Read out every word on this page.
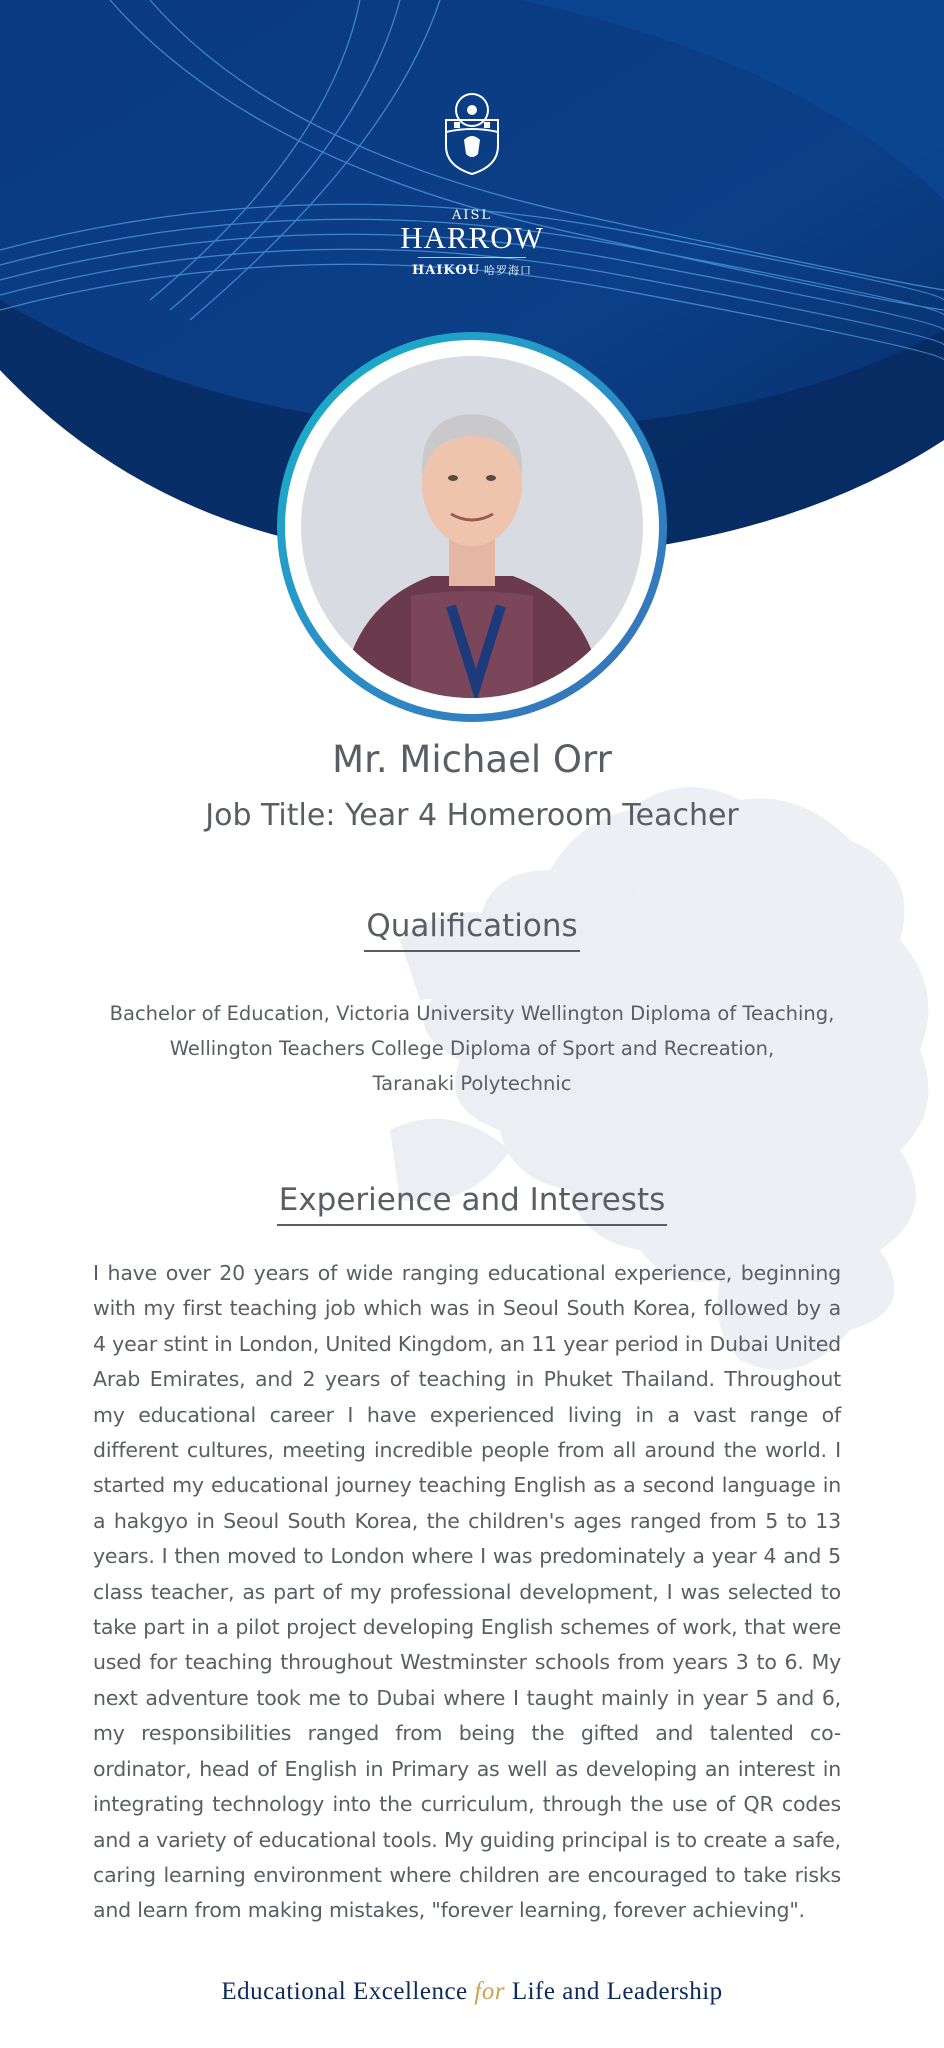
AISL
HARROW
HAIKOU 哈罗海口
Mr. Michael Orr
Job Title: Year 4 Homeroom Teacher
Qualifications
Bachelor of Education, Victoria University Wellington Diploma of Teaching,
Wellington Teachers College Diploma of Sport and Recreation,
Taranaki Polytechnic
Experience and Interests
I have over 20 years of wide ranging educational experience, beginning with my first teaching job which was in Seoul South Korea, followed by a 4 year stint in London, United Kingdom, an 11 year period in Dubai United Arab Emirates, and 2 years of teaching in Phuket Thailand. Throughout my educational career I have experienced living in a vast range of different cultures, meeting incredible people from all around the world. I started my educational journey teaching English as a second language in a hakgyo in Seoul South Korea, the children's ages ranged from 5 to 13 years. I then moved to London where I was predominately a year 4 and 5 class teacher, as part of my professional development, I was selected to take part in a pilot project developing English schemes of work, that were used for teaching throughout Westminster schools from years 3 to 6. My next adventure took me to Dubai where I taught mainly in year 5 and 6, my responsibilities ranged from being the gifted and talented co-ordinator, head of English in Primary as well as developing an interest in integrating technology into the curriculum, through the use of QR codes and a variety of educational tools. My guiding principal is to create a safe, caring learning environment where children are encouraged to take risks and learn from making mistakes, "forever learning, forever achieving".
Educational Excellence for Life and Leadership
